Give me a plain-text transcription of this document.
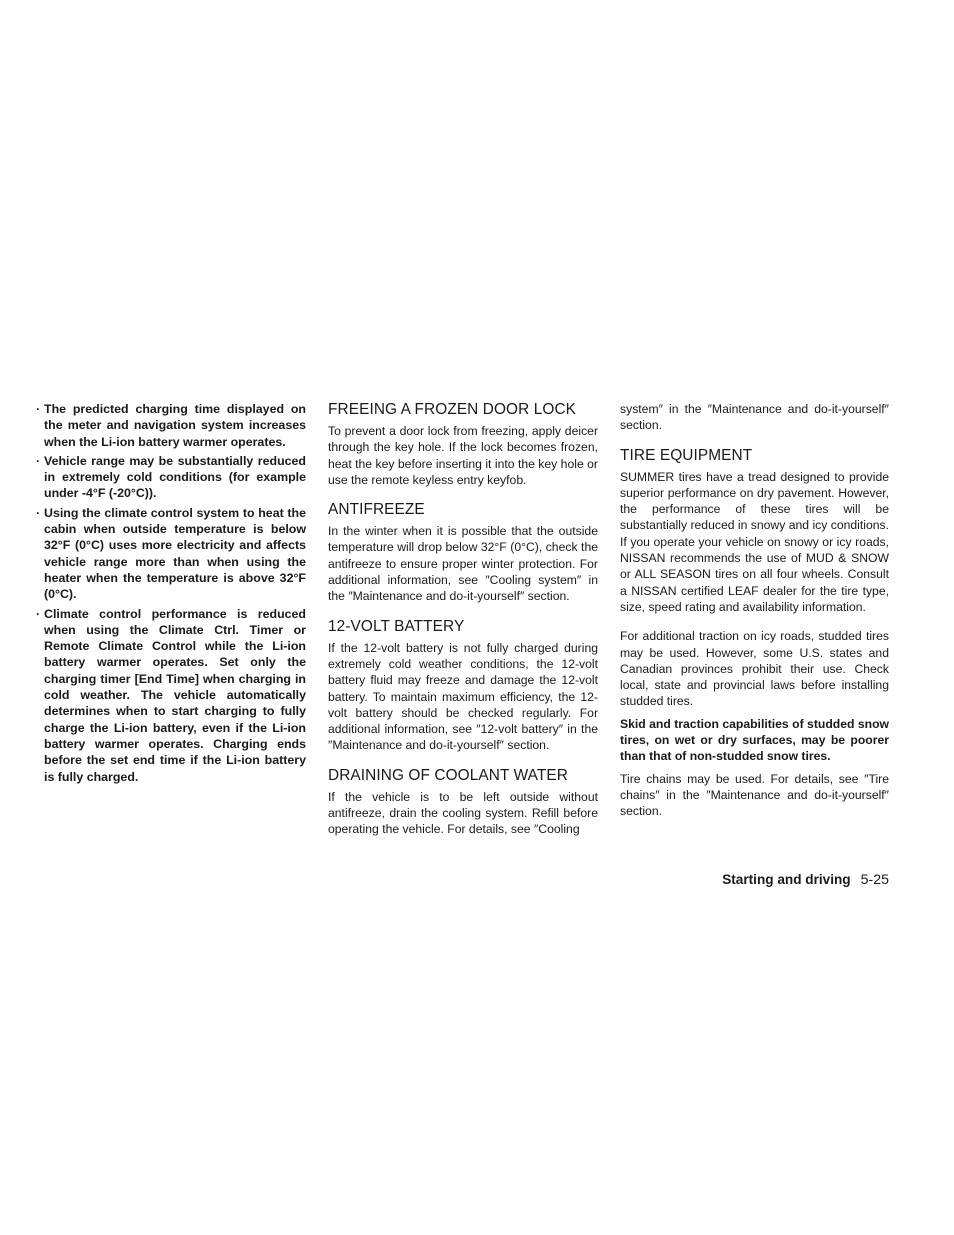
· The predicted charging time displayed on the meter and navigation system increases when the Li-ion battery warmer operates.
· Vehicle range may be substantially reduced in extremely cold conditions (for example under -4°F (-20°C)).
· Using the climate control system to heat the cabin when outside temperature is below 32°F (0°C) uses more electricity and affects vehicle range more than when using the heater when the temperature is above 32°F (0°C).
· Climate control performance is reduced when using the Climate Ctrl. Timer or Remote Climate Control while the Li-ion battery warmer operates. Set only the charging timer [End Time] when charging in cold weather. The vehicle automatically determines when to start charging to fully charge the Li-ion battery, even if the Li-ion battery warmer operates. Charging ends before the set end time if the Li-ion battery is fully charged.
FREEING A FROZEN DOOR LOCK

To prevent a door lock from freezing, apply deicer through the key hole. If the lock becomes frozen, heat the key before inserting it into the key hole or use the remote keyless entry keyfob.

ANTIFREEZE

In the winter when it is possible that the outside temperature will drop below 32°F (0°C), check the antifreeze to ensure proper winter protection. For additional information, see ″Cooling system″ in the ″Maintenance and do-it-yourself″ section.

12-VOLT BATTERY

If the 12-volt battery is not fully charged during extremely cold weather conditions, the 12-volt battery fluid may freeze and damage the 12-volt battery. To maintain maximum efficiency, the 12-volt battery should be checked regularly. For additional information, see ″12-volt battery″ in the ″Maintenance and do-it-yourself″ section.

DRAINING OF COOLANT WATER

If the vehicle is to be left outside without antifreeze, drain the cooling system. Refill before operating the vehicle. For details, see ″Cooling

system″ in the ″Maintenance and do-it-yourself″ section.

TIRE EQUIPMENT

SUMMER tires have a tread designed to provide superior performance on dry pavement. However, the performance of these tires will be substantially reduced in snowy and icy conditions. If you operate your vehicle on snowy or icy roads, NISSAN recommends the use of MUD & SNOW or ALL SEASON tires on all four wheels. Consult a NISSAN certified LEAF dealer for the tire type, size, speed rating and availability information.

For additional traction on icy roads, studded tires may be used. However, some U.S. states and Canadian provinces prohibit their use. Check local, state and provincial laws before installing studded tires.

Skid and traction capabilities of studded snow tires, on wet or dry surfaces, may be poorer than that of non-studded snow tires.

Tire chains may be used. For details, see ″Tire chains″ in the ″Maintenance and do-it-yourself″ section.

Starting and driving 5-25
